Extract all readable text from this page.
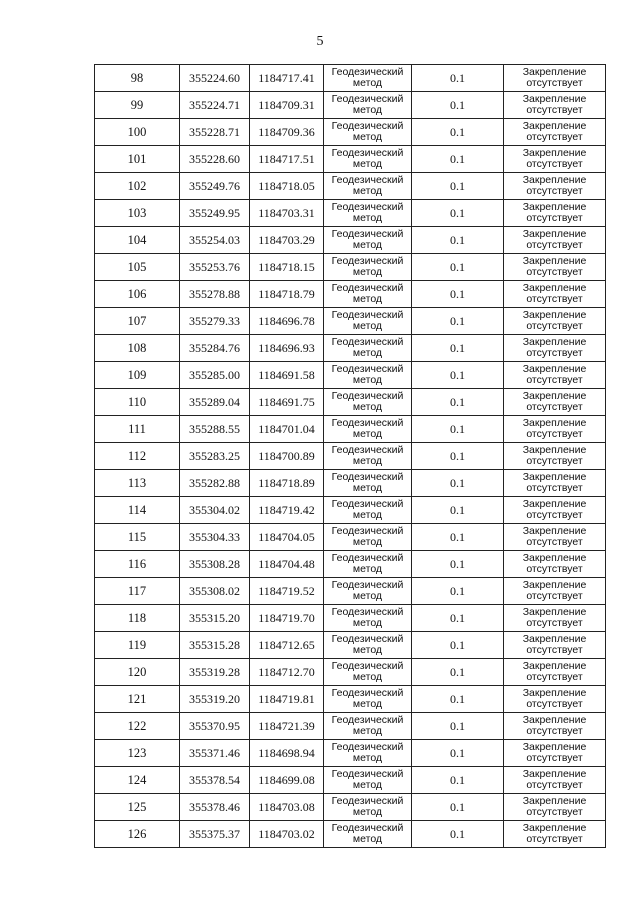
5
98	355224.60	1184717.41	Геодезический
метод	0.1	Закрепление
отсутствует

99	355224.71	1184709.31	Геодезический
метод	0.1	Закрепление
отсутствует

100	355228.71	1184709.36	Геодезический
метод	0.1	Закрепление
отсутствует

101	355228.60	1184717.51	Геодезический
метод	0.1	Закрепление
отсутствует

102	355249.76	1184718.05	Геодезический
метод	0.1	Закрепление
отсутствует

103	355249.95	1184703.31	Геодезический
метод	0.1	Закрепление
отсутствует

104	355254.03	1184703.29	Геодезический
метод	0.1	Закрепление
отсутствует

105	355253.76	1184718.15	Геодезический
метод	0.1	Закрепление
отсутствует

106	355278.88	1184718.79	Геодезический
метод	0.1	Закрепление
отсутствует

107	355279.33	1184696.78	Геодезический
метод	0.1	Закрепление
отсутствует

108	355284.76	1184696.93	Геодезический
метод	0.1	Закрепление
отсутствует

109	355285.00	1184691.58	Геодезический
метод	0.1	Закрепление
отсутствует

110	355289.04	1184691.75	Геодезический
метод	0.1	Закрепление
отсутствует

111	355288.55	1184701.04	Геодезический
метод	0.1	Закрепление
отсутствует

112	355283.25	1184700.89	Геодезический
метод	0.1	Закрепление
отсутствует

113	355282.88	1184718.89	Геодезический
метод	0.1	Закрепление
отсутствует

114	355304.02	1184719.42	Геодезический
метод	0.1	Закрепление
отсутствует

115	355304.33	1184704.05	Геодезический
метод	0.1	Закрепление
отсутствует

116	355308.28	1184704.48	Геодезический
метод	0.1	Закрепление
отсутствует

117	355308.02	1184719.52	Геодезический
метод	0.1	Закрепление
отсутствует

118	355315.20	1184719.70	Геодезический
метод	0.1	Закрепление
отсутствует

119	355315.28	1184712.65	Геодезический
метод	0.1	Закрепление
отсутствует

120	355319.28	1184712.70	Геодезический
метод	0.1	Закрепление
отсутствует

121	355319.20	1184719.81	Геодезический
метод	0.1	Закрепление
отсутствует

122	355370.95	1184721.39	Геодезический
метод	0.1	Закрепление
отсутствует

123	355371.46	1184698.94	Геодезический
метод	0.1	Закрепление
отсутствует

124	355378.54	1184699.08	Геодезический
метод	0.1	Закрепление
отсутствует

125	355378.46	1184703.08	Геодезический
метод	0.1	Закрепление
отсутствует

126	355375.37	1184703.02	Геодезический
метод	0.1	Закрепление
отсутствует
